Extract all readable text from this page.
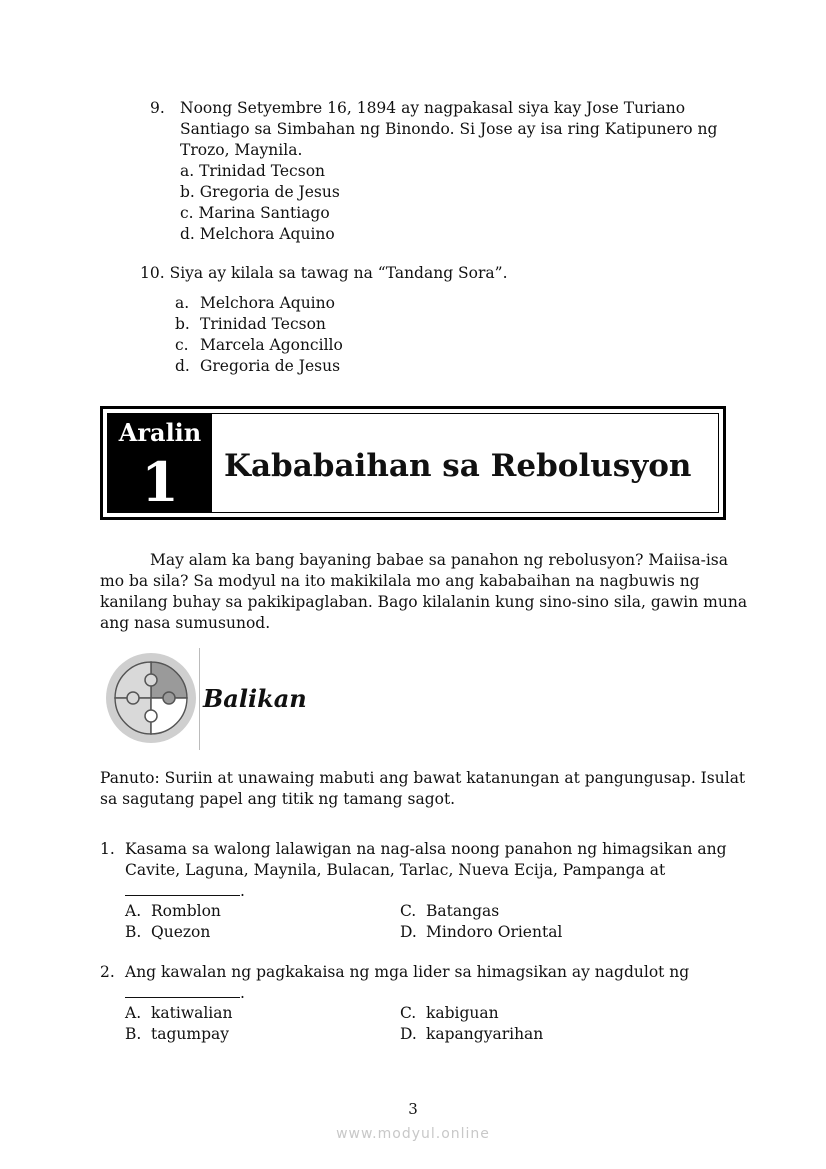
9. Noong Setyembre 16, 1894 ay nagpakasal siya kay Jose Turiano
Santiago sa Simbahan ng Binondo. Si Jose ay isa ring Katipunero ng
Trozo, Maynila.
a. Trinidad Tecson
b. Gregoria de Jesus
c. Marina Santiago
d. Melchora Aquino
10. Siya ay kilala sa tawag na “Tandang Sora”.
a. Melchora Aquino
b. Trinidad Tecson
c. Marcela Agoncillo
d. Gregoria de Jesus
Aralin
1	Kababaihan sa Rebolusyon
May alam ka bang bayaning babae sa panahon ng rebolusyon? Maiisa-isa
mo ba sila? Sa modyul na ito makikilala mo ang kababaihan na nagbuwis ng
kanilang buhay sa pakikipaglaban. Bago kilalanin kung sino-sino sila, gawin muna
ang nasa sumusunod.
Balikan
Panuto: Suriin at unawaing mabuti ang bawat katanungan at pangungusap. Isulat
sa sagutang papel ang titik ng tamang sagot.
1. Kasama sa walong lalawigan na nag-alsa noong panahon ng himagsikan ang
Cavite, Laguna, Maynila, Bulacan, Tarlac, Nueva Ecija, Pampanga at
.
A. Romblon
B. Quezon
C. Batangas
D. Mindoro Oriental
2. Ang kawalan ng pagkakaisa ng mga lider sa himagsikan ay nagdulot ng
.
A. katiwalian
B. tagumpay
C. kabiguan
D. kapangyarihan
3
www.modyul.online
